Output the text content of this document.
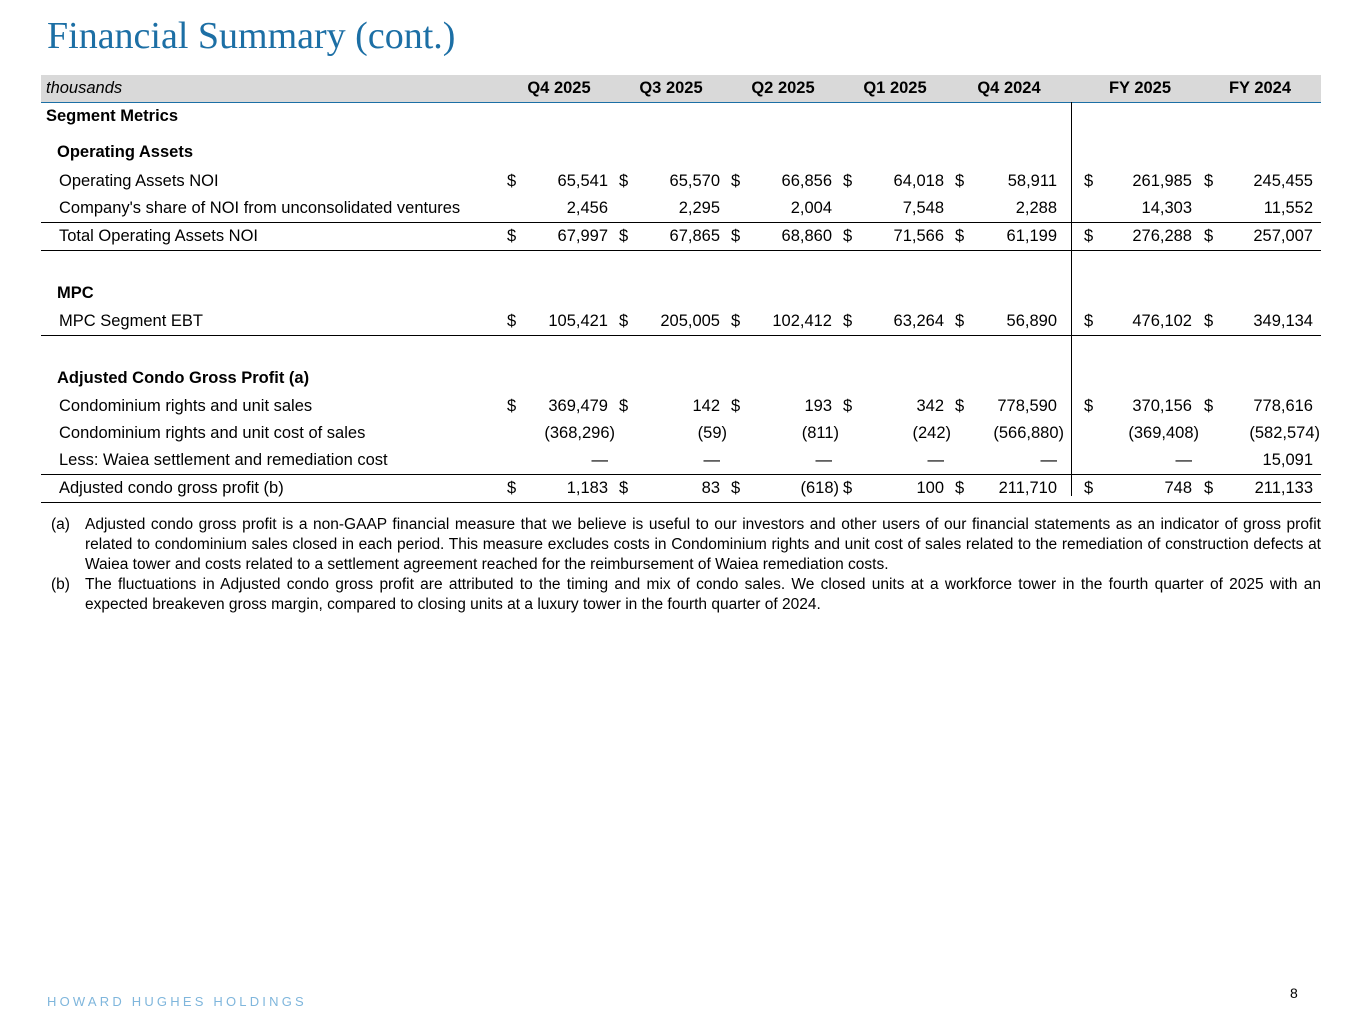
Financial Summary (cont.)
thousands	Q4 2025	Q3 2025	Q2 2025	Q1 2025	Q4 2024	FY 2025	FY 2024
Segment Metrics
Operating Assets
Operating Assets NOI	$	65,541 $	65,570 $	66,856 $	64,018 $	58,911 $ 261,985 $ 245,455
Company's share of NOI from unconsolidated ventures	2,456	2,295	2,004	7,548	2,288	14,303	11,552
Total Operating Assets NOI	$	67,997 $	67,865 $	68,860 $	71,566 $	61,199 $ 276,288 $ 257,007
MPC
MPC Segment EBT	$ 105,421 $ 205,005 $ 102,412 $	63,264 $	56,890 $ 476,102 $ 349,134
Adjusted Condo Gross Profit (a)
Condominium rights and unit sales	$ 369,479 $	142 $	193 $	342 $ 778,590 $ 370,156 $ 778,616
Condominium rights and unit cost of sales	(368,296)	(59)	(811)	(242)	(566,880)	(369,408)	(582,574)
Less: Waiea settlement and remediation cost	—	—	—	—	—	—	15,091
Adjusted condo gross profit (b)	$	1,183 $	83 $	(618) $	100 $ 211,710 $	748 $	211,133
(a) Adjusted condo gross profit is a non-GAAP financial measure that we believe is useful to our investors and other users of our financial statements as an indicator of gross profit related to condominium sales closed in each period. This measure excludes costs in Condominium rights and unit cost of sales related to the remediation of construction defects at Waiea tower and costs related to a settlement agreement reached for the reimbursement of Waiea remediation costs.
(b) The fluctuations in Adjusted condo gross profit are attributed to the timing and mix of condo sales. We closed units at a workforce tower in the fourth quarter of 2025 with an expected breakeven gross margin, compared to closing units at a luxury tower in the fourth quarter of 2024.
HOWARD HUGHES HOLDINGS
8
